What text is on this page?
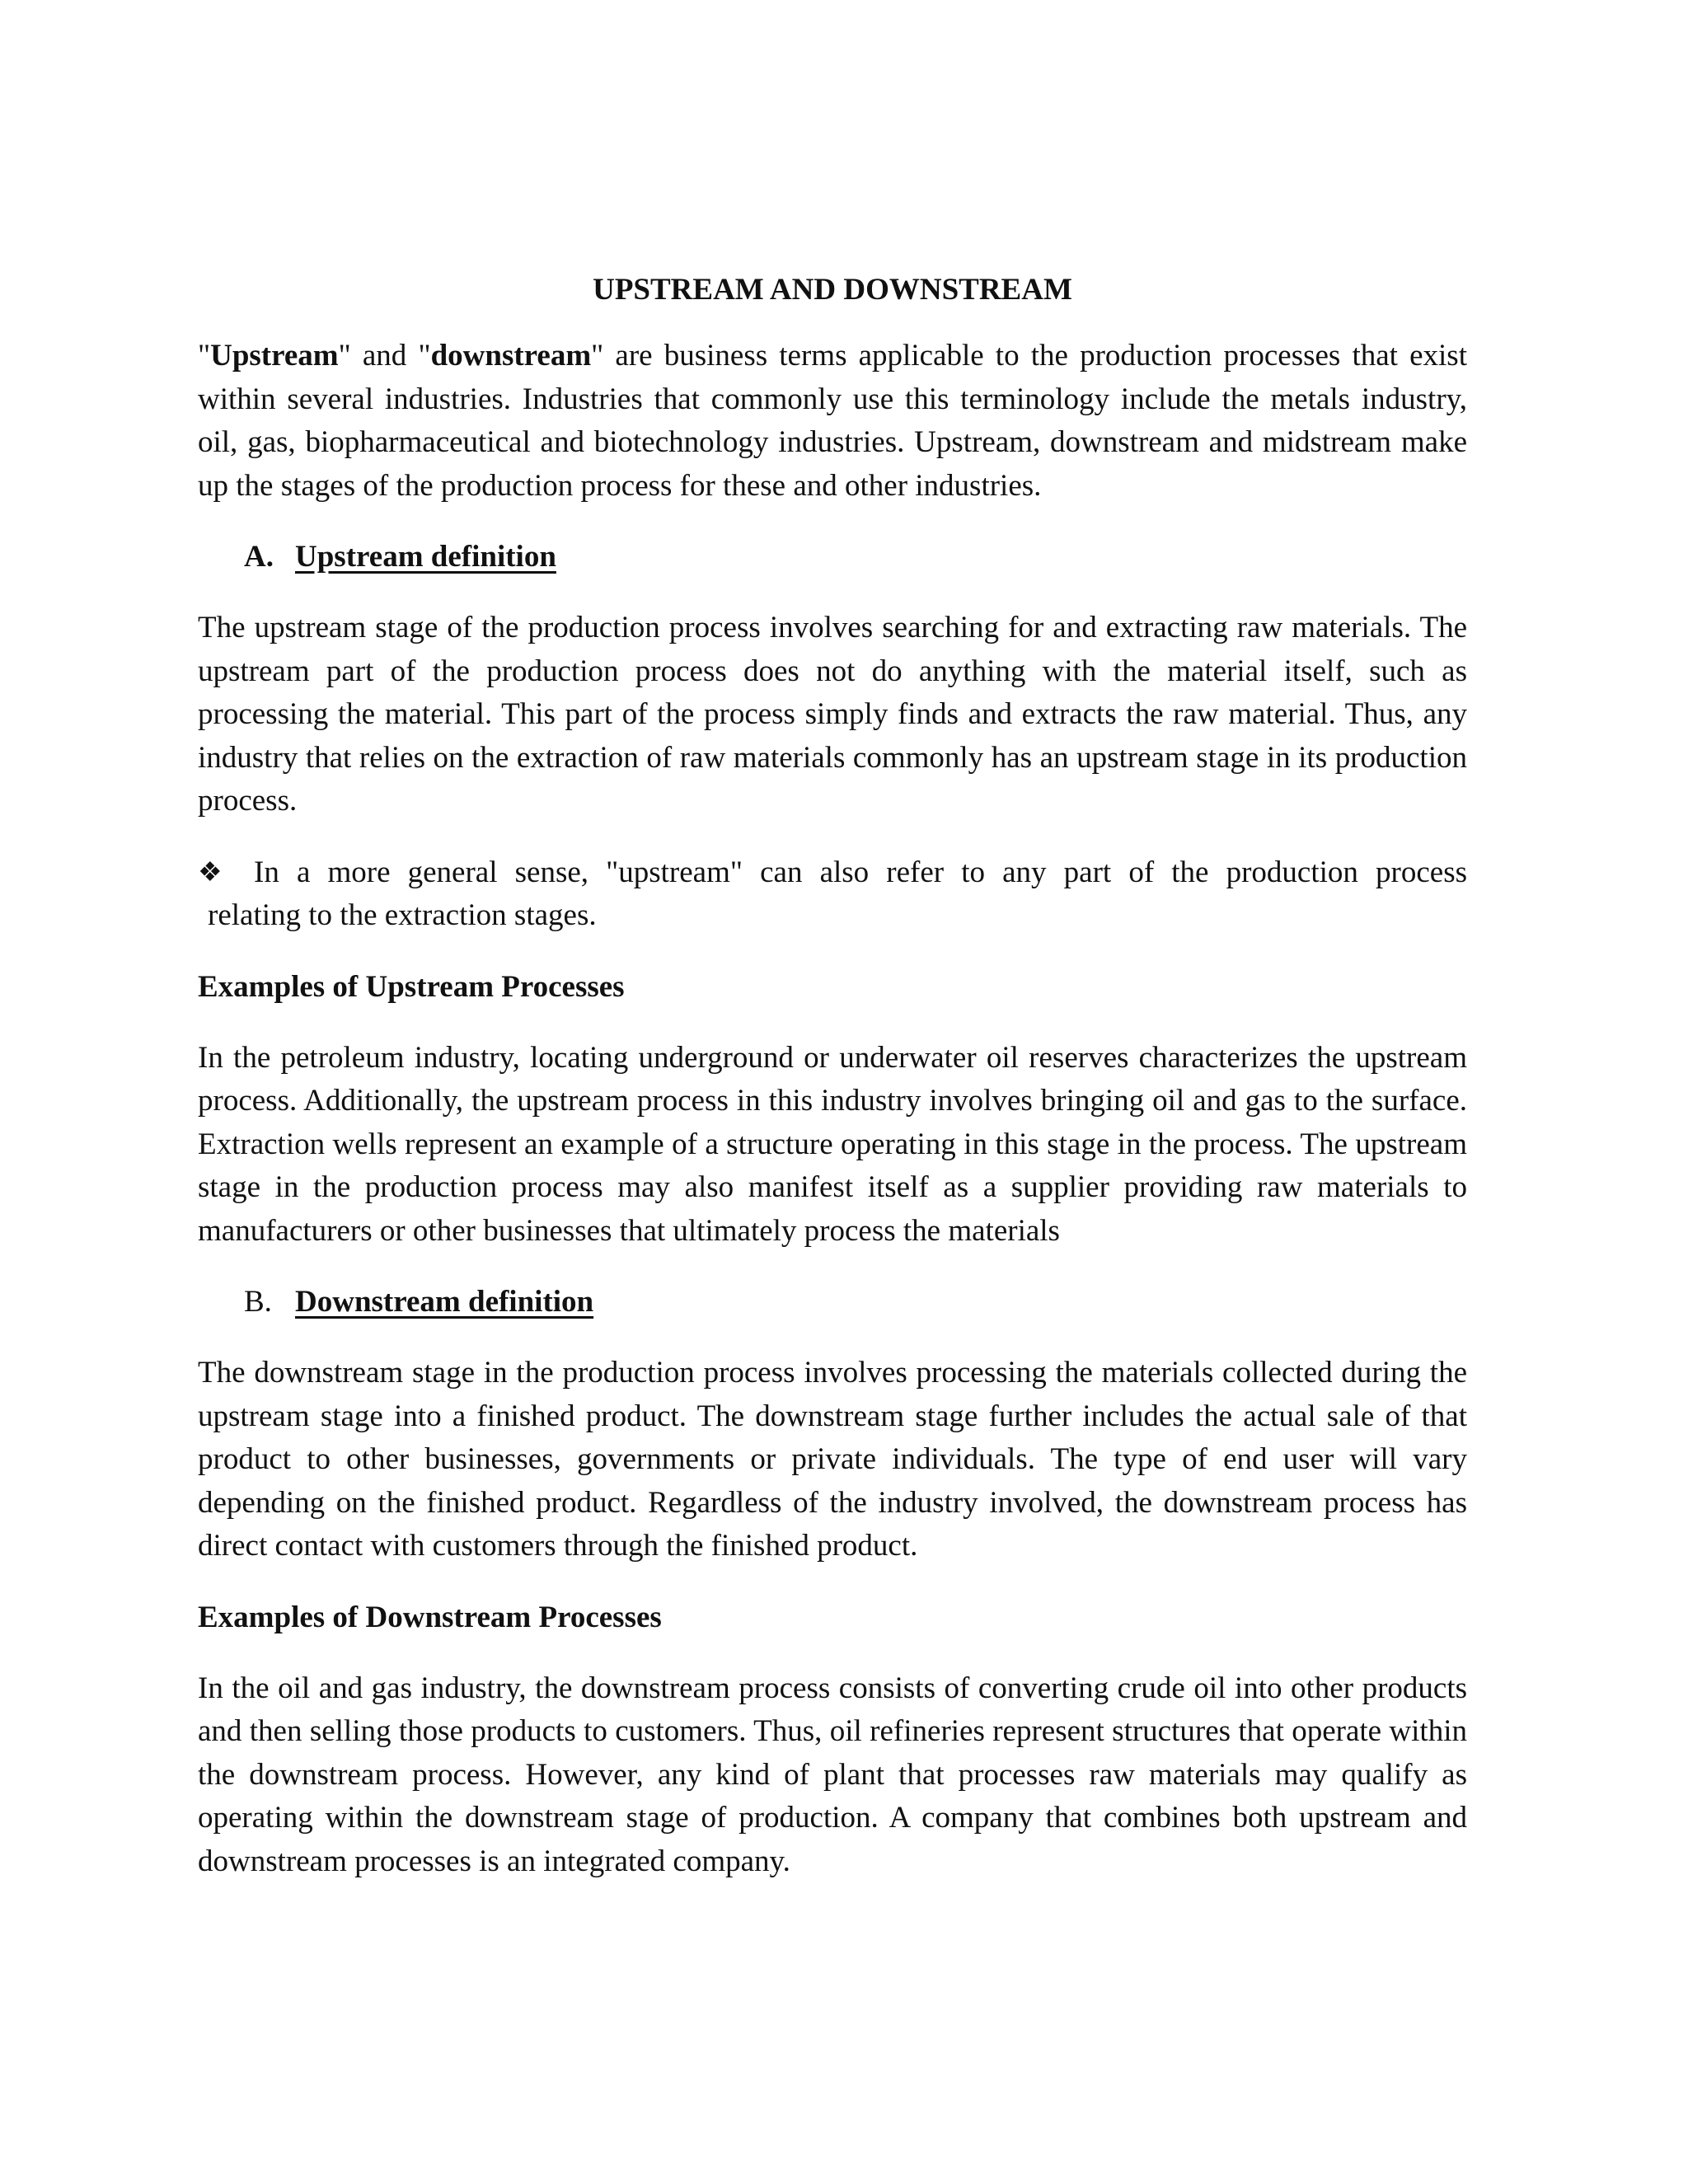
UPSTREAM AND DOWNSTREAM

"Upstream" and "downstream" are business terms applicable to the production processes that exist within several industries. Industries that commonly use this terminology include the metals industry, oil, gas, biopharmaceutical and biotechnology industries. Upstream, downstream and midstream make up the stages of the production process for these and other industries.

A. Upstream definition

The upstream stage of the production process involves searching for and extracting raw materials. The upstream part of the production process does not do anything with the material itself, such as processing the material. This part of the process simply finds and extracts the raw material. Thus, any industry that relies on the extraction of raw materials commonly has an upstream stage in its production process.

❖	In a more general sense, "upstream" can also refer to any part of the production process
relating to the extraction stages.
Examples of Upstream Processes

In the petroleum industry, locating underground or underwater oil reserves characterizes the upstream process. Additionally, the upstream process in this industry involves bringing oil and gas to the surface. Extraction wells represent an example of a structure operating in this stage in the process. The upstream stage in the production process may also manifest itself as a supplier providing raw materials to manufacturers or other businesses that ultimately process the materials

B. Downstream definition

The downstream stage in the production process involves processing the materials collected during the upstream stage into a finished product. The downstream stage further includes the actual sale of that product to other businesses, governments or private individuals. The type of end user will vary depending on the finished product. Regardless of the industry involved, the downstream process has direct contact with customers through the finished product.

Examples of Downstream Processes

In the oil and gas industry, the downstream process consists of converting crude oil into other products and then selling those products to customers. Thus, oil refineries represent structures that operate within the downstream process. However, any kind of plant that processes raw materials may qualify as operating within the downstream stage of production. A company that combines both upstream and downstream processes is an integrated company.
